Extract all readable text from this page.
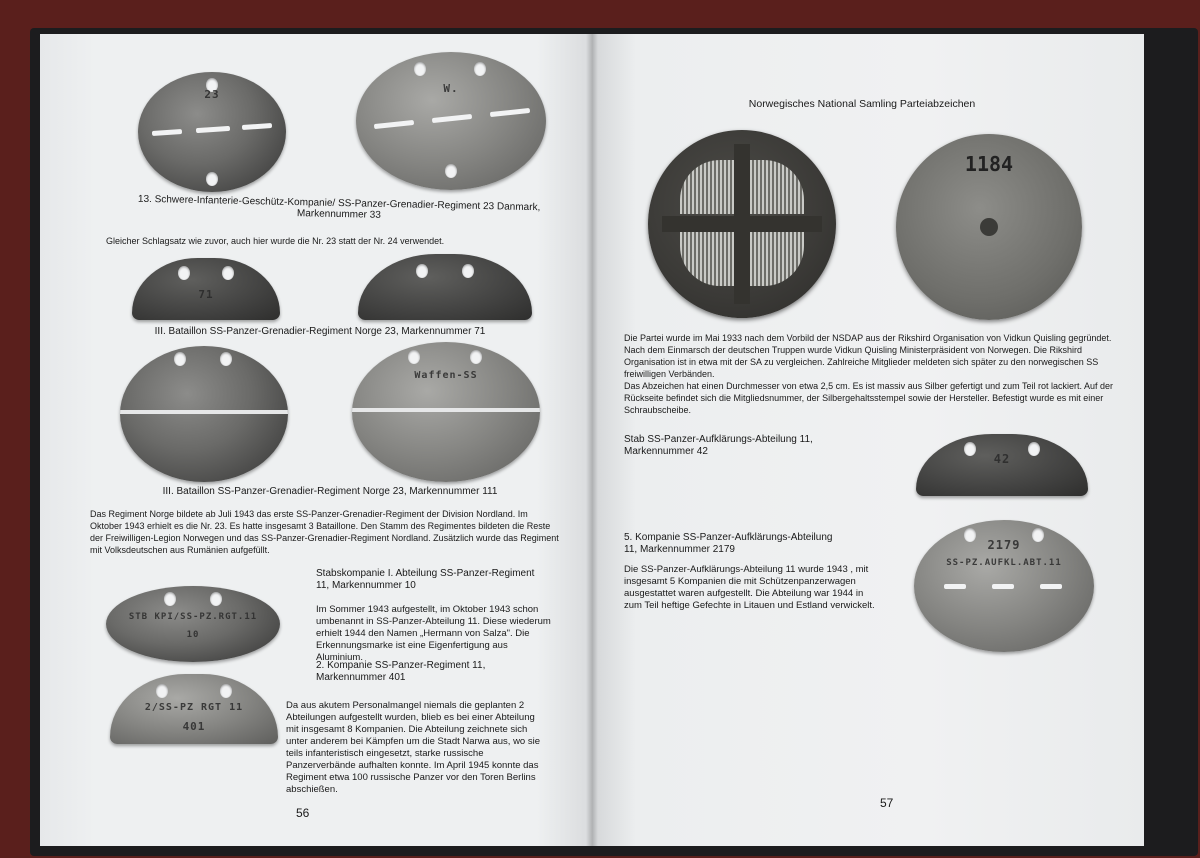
23	W.
13. Schwere-Infanterie-Geschütz-Kompanie/ SS-Panzer-Grenadier-Regiment 23 Danmark, Markennummer 33
Gleicher Schlagsatz wie zuvor, auch hier wurde die Nr. 23 statt der Nr. 24 verwendet.
71
III. Bataillon SS-Panzer-Grenadier-Regiment Norge 23, Markennummer 71
Waffen-SS
III. Bataillon SS-Panzer-Grenadier-Regiment Norge 23, Markennummer 111
Das Regiment Norge bildete ab Juli 1943 das erste SS-Panzer-Grenadier-Regiment der Division Nordland. Im Oktober 1943 erhielt es die Nr. 23. Es hatte insgesamt 3 Bataillone. Den Stamm des Regimentes bildeten die Reste der Freiwilligen-Legion Norwegen und das SS-Panzer-Grenadier-Regiment Nordland. Zusätzlich wurde das Regiment mit Volksdeutschen aus Rumänien aufgefüllt.
Stabskompanie I. Abteilung SS-Panzer-Regiment 11, Markennummer 10
STB KPI/SS-PZ.RGT.11
10
Im Sommer 1943 aufgestellt, im Oktober 1943 schon umbenannt in SS-Panzer-Abteilung 11. Diese wiederum erhielt 1944 den Namen „Hermann von Salza". Die Erkennungsmarke ist eine Eigenfertigung aus Aluminium.
2. Kompanie SS-Panzer-Regiment 11, Markennummer 401
2/SS-PZ RGT 11
401
Da aus akutem Personalmangel niemals die geplanten 2 Abteilungen aufgestellt wurden, blieb es bei einer Abteilung mit insgesamt 8 Kompanien. Die Abteilung zeichnete sich unter anderem bei Kämpfen um die Stadt Narwa aus, wo sie teils infanteristisch eingesetzt, starke russische Panzerverbände aufhalten konnte. Im April 1945 konnte das Regiment etwa 100 russische Panzer vor den Toren Berlins abschießen.
56
Norwegisches National Samling Parteiabzeichen
1184
Die Partei wurde im Mai 1933 nach dem Vorbild der NSDAP aus der Rikshird Organisation von Vidkun Quisling gegründet. Nach dem Einmarsch der deutschen Truppen wurde Vidkun Quisling Ministerpräsident von Norwegen. Die Rikshird Organisation ist in etwa mit der SA zu vergleichen. Zahlreiche Mitglieder meldeten sich später zu den norwegischen SS freiwilligen Verbänden.
Das Abzeichen hat einen Durchmesser von etwa 2,5 cm. Es ist massiv aus Silber gefertigt und zum Teil rot lackiert. Auf der Rückseite befindet sich die Mitgliedsnummer, der Silbergehaltsstempel sowie der Hersteller. Befestigt wurde es mit einer Schraubscheibe.
Stab SS-Panzer-Aufklärungs-Abteilung 11, Markennummer 42
42
5. Kompanie SS-Panzer-Aufklärungs-Abteilung 11, Markennummer 2179	2179
SS-PZ.AUFKL.ABT.11
Die SS-Panzer-Aufklärungs-Abteilung 11 wurde 1943 , mit insgesamt 5 Kompanien die mit Schützenpanzerwagen ausgestattet waren aufgestellt. Die Abteilung war 1944 in zum Teil heftige Gefechte in Litauen und Estland verwickelt.
57
